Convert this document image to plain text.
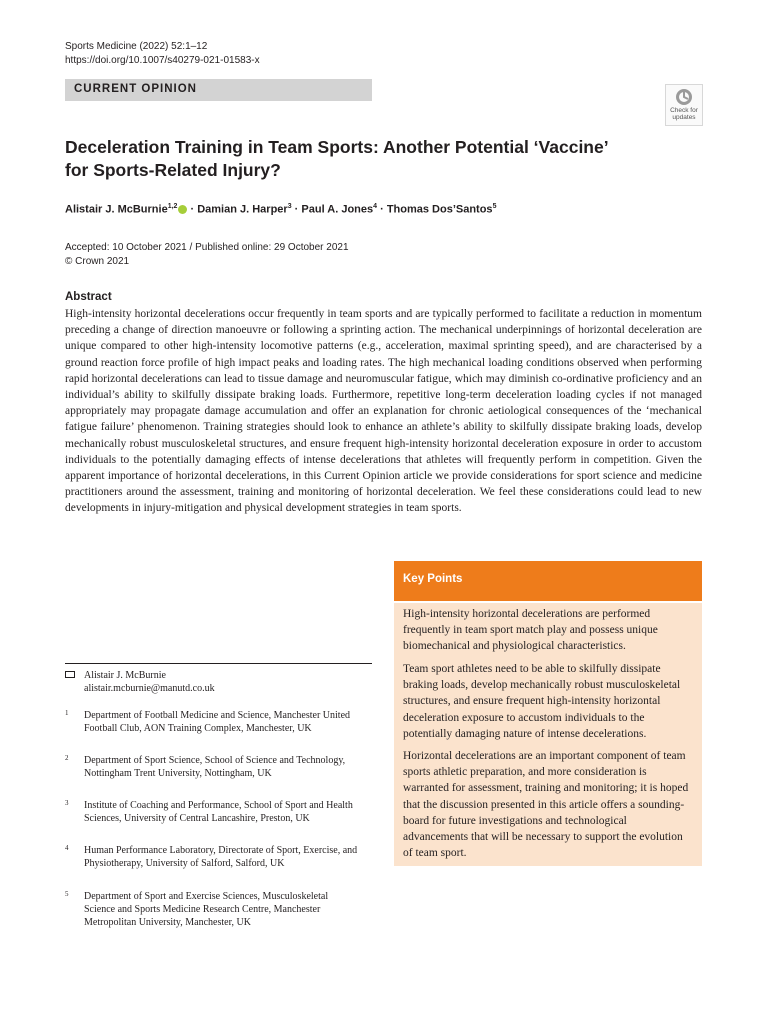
Sports Medicine (2022) 52:1–12
https://doi.org/10.1007/s40279-021-01583-x
CURRENT OPINION
Check for
updates
Deceleration Training in Team Sports: Another Potential ‘Vaccine’
for Sports-Related Injury?
Alistair J. McBurnie$^{1,2}$ · Damian J. Harper$^3$ · Paul A. Jones$^4$ · Thomas Dos’Santos$^5$
Accepted: 10 October 2021 / Published online: 29 October 2021
© Crown 2021
Abstract
High-intensity horizontal decelerations occur frequently in team sports and are typically performed to facilitate a reduction in momentum preceding a change of direction manoeuvre or following a sprinting action. The mechanical underpinnings of horizontal deceleration are unique compared to other high-intensity locomotive patterns (e.g., acceleration, maximal sprinting speed), and are characterised by a ground reaction force profile of high impact peaks and loading rates. The high mechanical loading conditions observed when performing rapid horizontal decelerations can lead to tissue damage and neuromuscular fatigue, which may diminish co-ordinative proficiency and an individual’s ability to skilfully dissipate braking loads. Furthermore, repetitive long-term deceleration loading cycles if not managed appropriately may propagate damage accumulation and offer an explanation for chronic aetiological consequences of the ‘mechanical fatigue failure’ phenomenon. Training strategies should look to enhance an athlete’s ability to skilfully dissipate braking loads, develop mechanically robust musculoskeletal structures, and ensure frequent high-intensity horizontal deceleration exposure in order to accustom individuals to the potentially damaging effects of intense decelerations that athletes will frequently perform in competition. Given the apparent importance of horizontal decelerations, in this Current Opinion article we provide considerations for sport science and medicine practitioners around the assessment, training and monitoring of horizontal deceleration. We feel these considerations could lead to new developments in injury-mitigation and physical development strategies in team sports.
Key Points
High-intensity horizontal decelerations are performed frequently in team sport match play and possess unique biomechanical and physiological characteristics.
Team sport athletes need to be able to skilfully dissipate braking loads, develop mechanically robust musculoskeletal structures, and ensure frequent high-intensity horizontal deceleration exposure to accustom individuals to the potentially damaging nature of intense decelerations.
Horizontal decelerations are an important component of team sports athletic preparation, and more consideration is warranted for assessment, training and monitoring; it is hoped that the discussion presented in this article offers a sounding-board for future investigations and technological advancements that will be necessary to support the evolution of team sport.
Alistair J. McBurnie
alistair.mcburnie@manutd.co.uk
1 Department of Football Medicine and Science, Manchester United Football Club, AON Training Complex, Manchester, UK
2 Department of Sport Science, School of Science and Technology, Nottingham Trent University, Nottingham, UK
3 Institute of Coaching and Performance, School of Sport and Health Sciences, University of Central Lancashire, Preston, UK
4 Human Performance Laboratory, Directorate of Sport, Exercise, and Physiotherapy, University of Salford, Salford, UK
5 Department of Sport and Exercise Sciences, Musculoskeletal Science and Sports Medicine Research Centre, Manchester Metropolitan University, Manchester, UK
